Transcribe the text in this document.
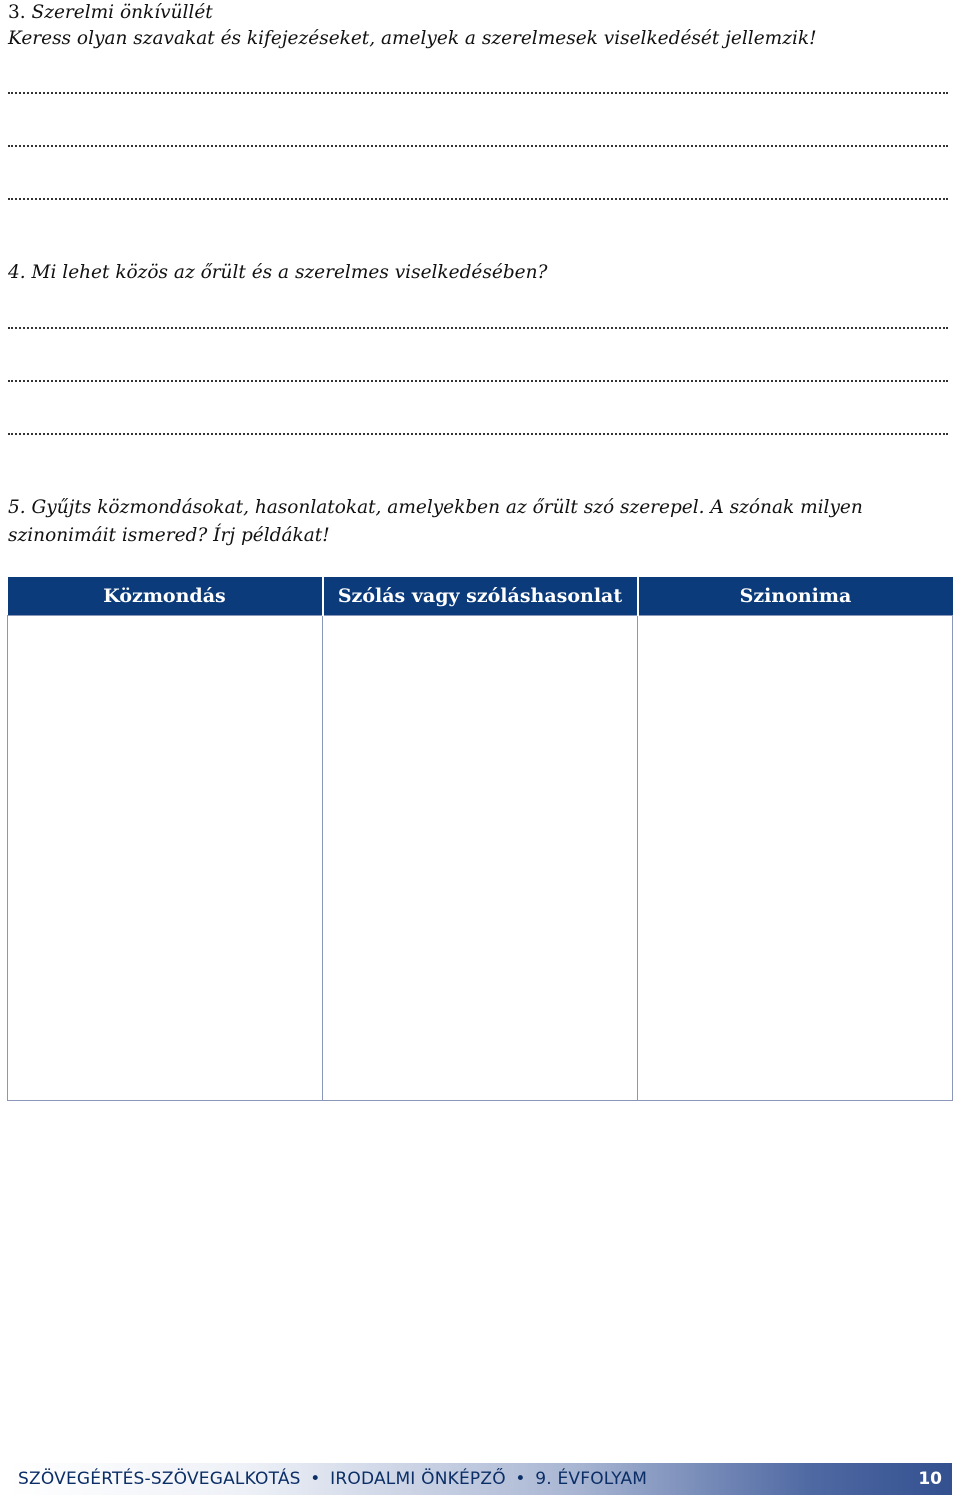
3. Szerelmi önkívüllét
Keress olyan szavakat és kifejezéseket, amelyek a szerelmesek viselkedését jellemzik!
4. Mi lehet közös az őrült és a szerelmes viselkedésében?
5. Gyűjts közmondásokat, hasonlatokat, amelyekben az őrült szó szerepel. A szónak milyen szinonimáit ismered? Írj példákat!
Közmondás	Szólás vagy szóláshasonlat	Szinonima

SZÖVEGÉRTÉS-SZÖVEGALKOTÁS • IRODALMI ÖNKÉPZŐ • 9. ÉVFOLYAM	10
